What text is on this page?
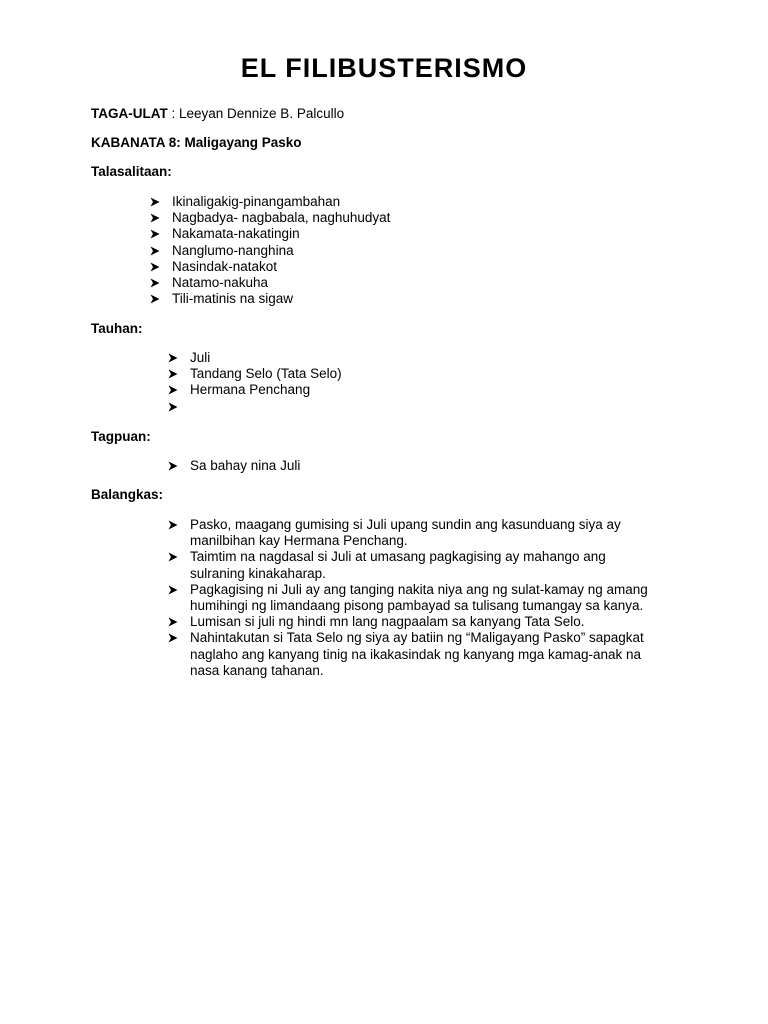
EL FILIBUSTERISMO
TAGA-ULAT : Leeyan Dennize B. Palcullo
KABANATA 8: Maligayang Pasko
Talasalitaan:
Ikinaligakig-pinangambahan
Nagbadya- nagbabala, naghuhudyat
Nakamata-nakatingin
Nanglumo-nanghina
Nasindak-natakot
Natamo-nakuha
Tili-matinis na sigaw
Tauhan:
Juli
Tandang Selo (Tata Selo)
Hermana Penchang
Tagpuan:
Sa bahay nina Juli
Balangkas:
Pasko, maagang gumising si Juli upang sundin ang kasunduang siya ay manilbihan kay Hermana Penchang.
Taimtim na nagdasal si Juli at umasang pagkagising ay mahango ang sulraning kinakaharap.
Pagkagising ni Juli ay ang tanging nakita niya ang ng sulat-kamay ng amang humihingi ng limandaang pisong pambayad sa tulisang tumangay sa kanya.
Lumisan si juli ng hindi mn lang nagpaalam sa kanyang Tata Selo.
Nahintakutan si Tata Selo ng siya ay batiin ng “Maligayang Pasko” sapagkat naglaho ang kanyang tinig na ikakasindak ng kanyang mga kamag-anak na nasa kanang tahanan.
